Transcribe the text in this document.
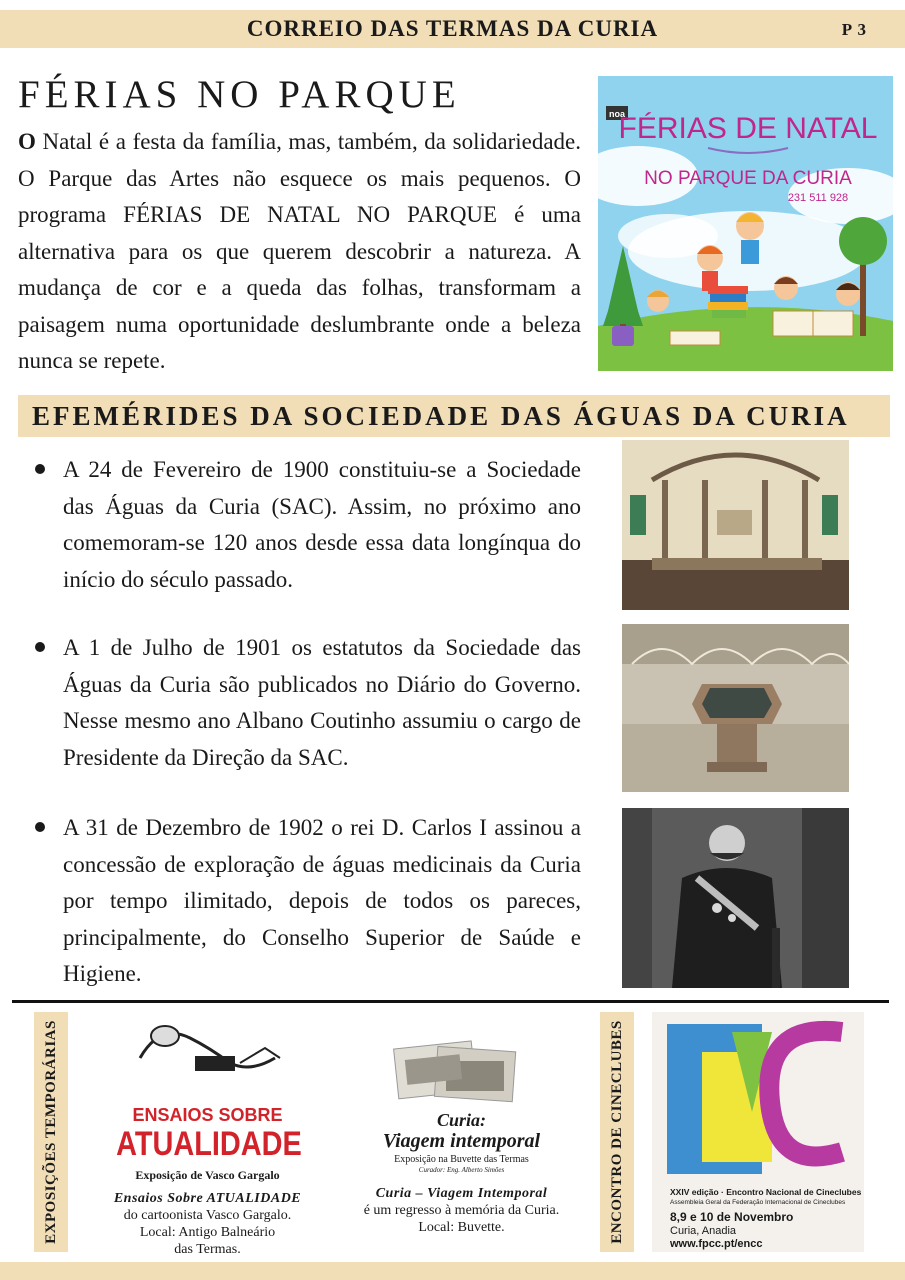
CORREIO DAS TERMAS DA CURIA	P 3
FÉRIAS NO PARQUE
O Natal é a festa da família, mas, também, da solidariedade. O Parque das Artes não esquece os mais pequenos. O programa FÉRIAS DE NATAL NO PARQUE é uma alternativa para os que querem descobrir a natureza. A mudança de cor e a queda das folhas, transformam a paisagem numa oportunidade deslumbrante onde a beleza nunca se repete.
noa
FÉRIAS DE NATAL
NO PARQUE DA CURIA
231 511 928
EFEMÉRIDES DA SOCIEDADE DAS ÁGUAS DA CURIA
A 24 de Fevereiro de 1900 constituiu-se a Sociedade das Águas da Curia (SAC). Assim, no próximo ano comemoram-se 120 anos desde essa data longínqua do início do século passado.
A 1 de Julho de 1901 os estatutos da Sociedade das Águas da Curia são publicados no Diário do Governo. Nesse mesmo ano Albano Coutinho assumiu o cargo de Presidente da Direção da SAC.
A 31 de Dezembro de 1902 o rei D. Carlos I assinou a concessão de exploração de águas medicinais da Curia por tempo ilimitado, depois de todos os pareces, principalmente, do Conselho Superior de Saúde e Higiene.
EXPOSIÇÕES TEMPORÁRIAS	ENSAIOS SOBRE
ATUALIDADE
Exposição de Vasco Gargalo
Ensaios Sobre ATUALIDADE
do cartoonista Vasco Gargalo.
Local: Antigo Balneário
das Termas.
Curia:
Viagem intemporal
Exposição na Buvette das Termas
Curador: Eng. Alberto Simões
Curia – Viagem Intemporal
é um regresso à memória da Curia.
Local: Buvette.	ENCONTRO DE CINECLUBES	XXIV edição · Encontro Nacional de Cineclubes
Assembleia Geral da Federação Internacional de Cineclubes
8,9 e 10 de Novembro
Curia, Anadia
www.fpcc.pt/encc
